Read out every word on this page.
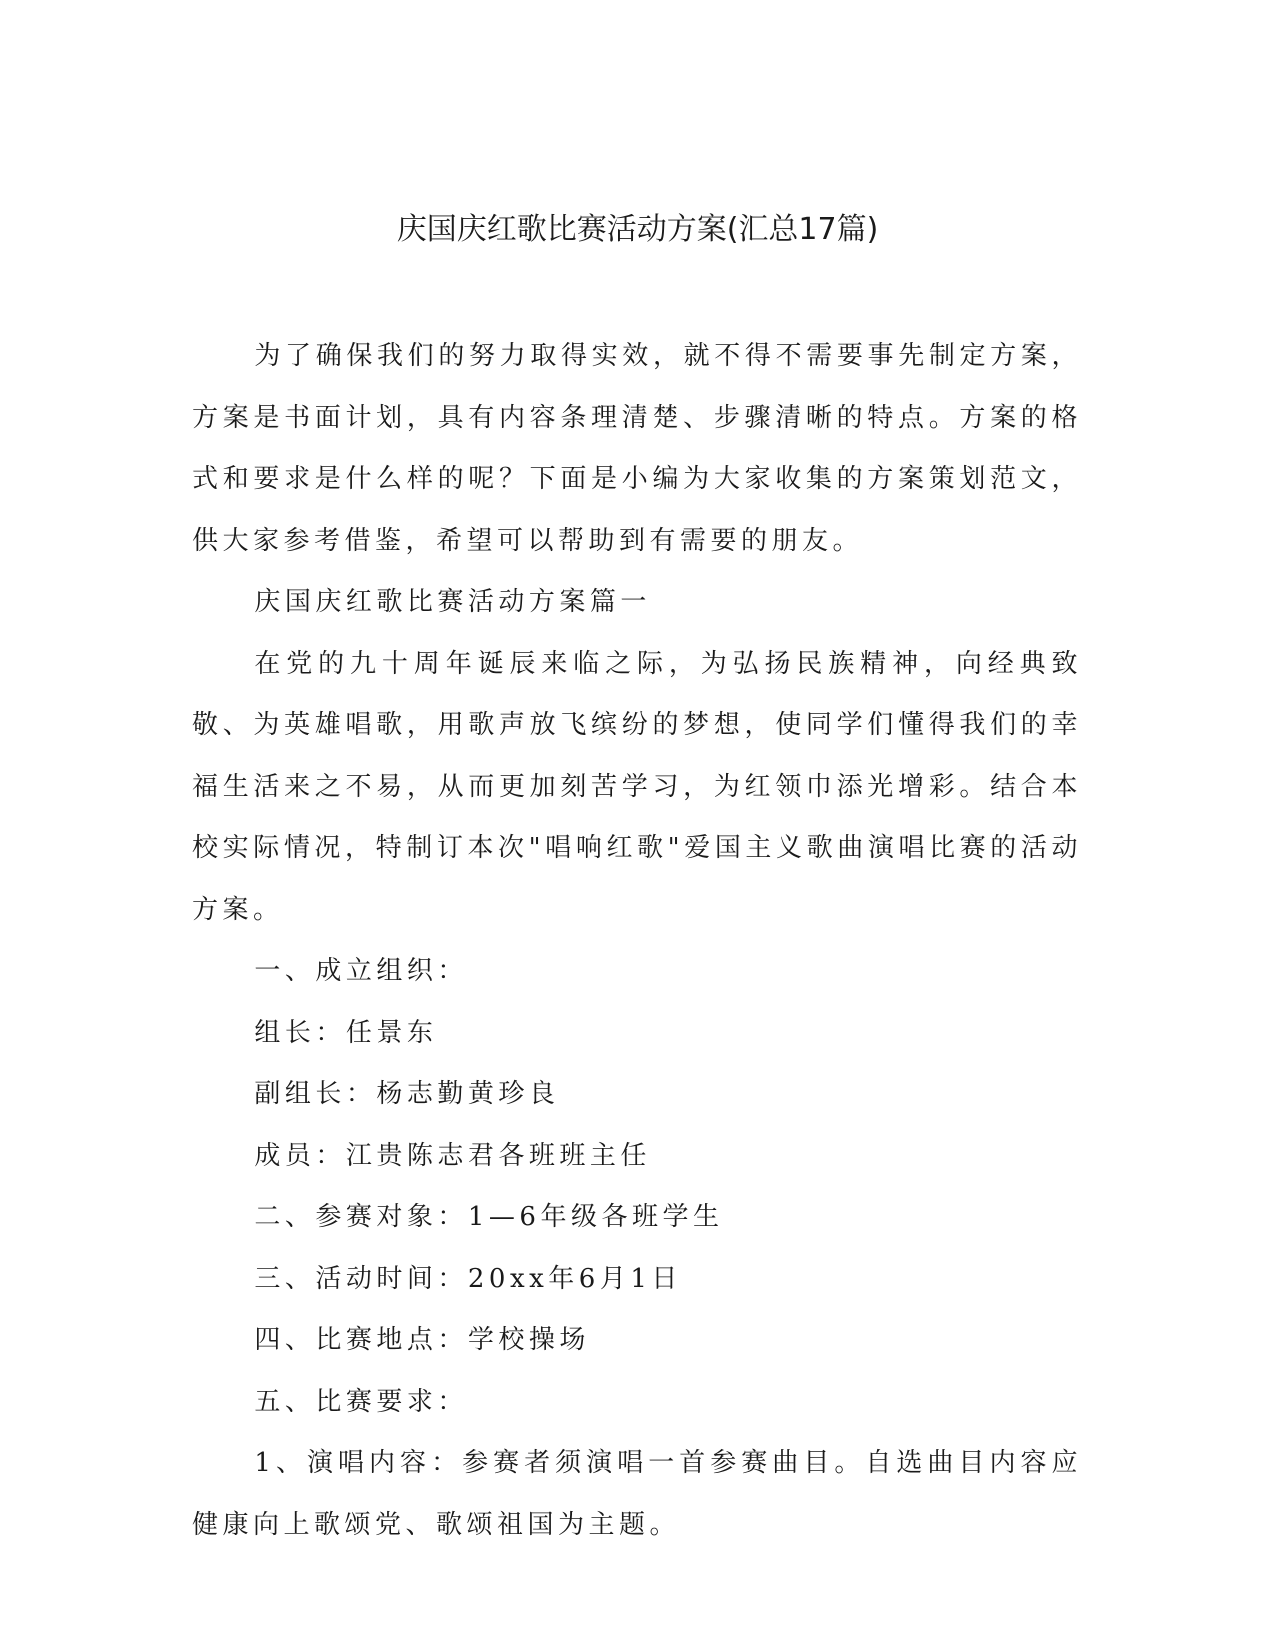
庆国庆红歌比赛活动方案(汇总17篇)

为了确保我们的努力取得实效，就不得不需要事先制定方案，方案是书面计划，具有内容条理清楚、步骤清晰的特点。方案的格式和要求是什么样的呢？下面是小编为大家收集的方案策划范文，供大家参考借鉴，希望可以帮助到有需要的朋友。

庆国庆红歌比赛活动方案篇一

在党的九十周年诞辰来临之际，为弘扬民族精神，向经典致敬、为英雄唱歌，用歌声放飞缤纷的梦想，使同学们懂得我们的幸福生活来之不易，从而更加刻苦学习，为红领巾添光增彩。结合本校实际情况，特制订本次"唱响红歌"爱国主义歌曲演唱比赛的活动方案。

一、成立组织：

组长：任景东

副组长：杨志勤黄珍良

成员：江贵陈志君各班班主任

二、参赛对象：1—6年级各班学生

三、活动时间：20xx年6月1日

四、比赛地点：学校操场

五、比赛要求：

1、演唱内容：参赛者须演唱一首参赛曲目。自选曲目内容应健康向上歌颂党、歌颂祖国为主题。
